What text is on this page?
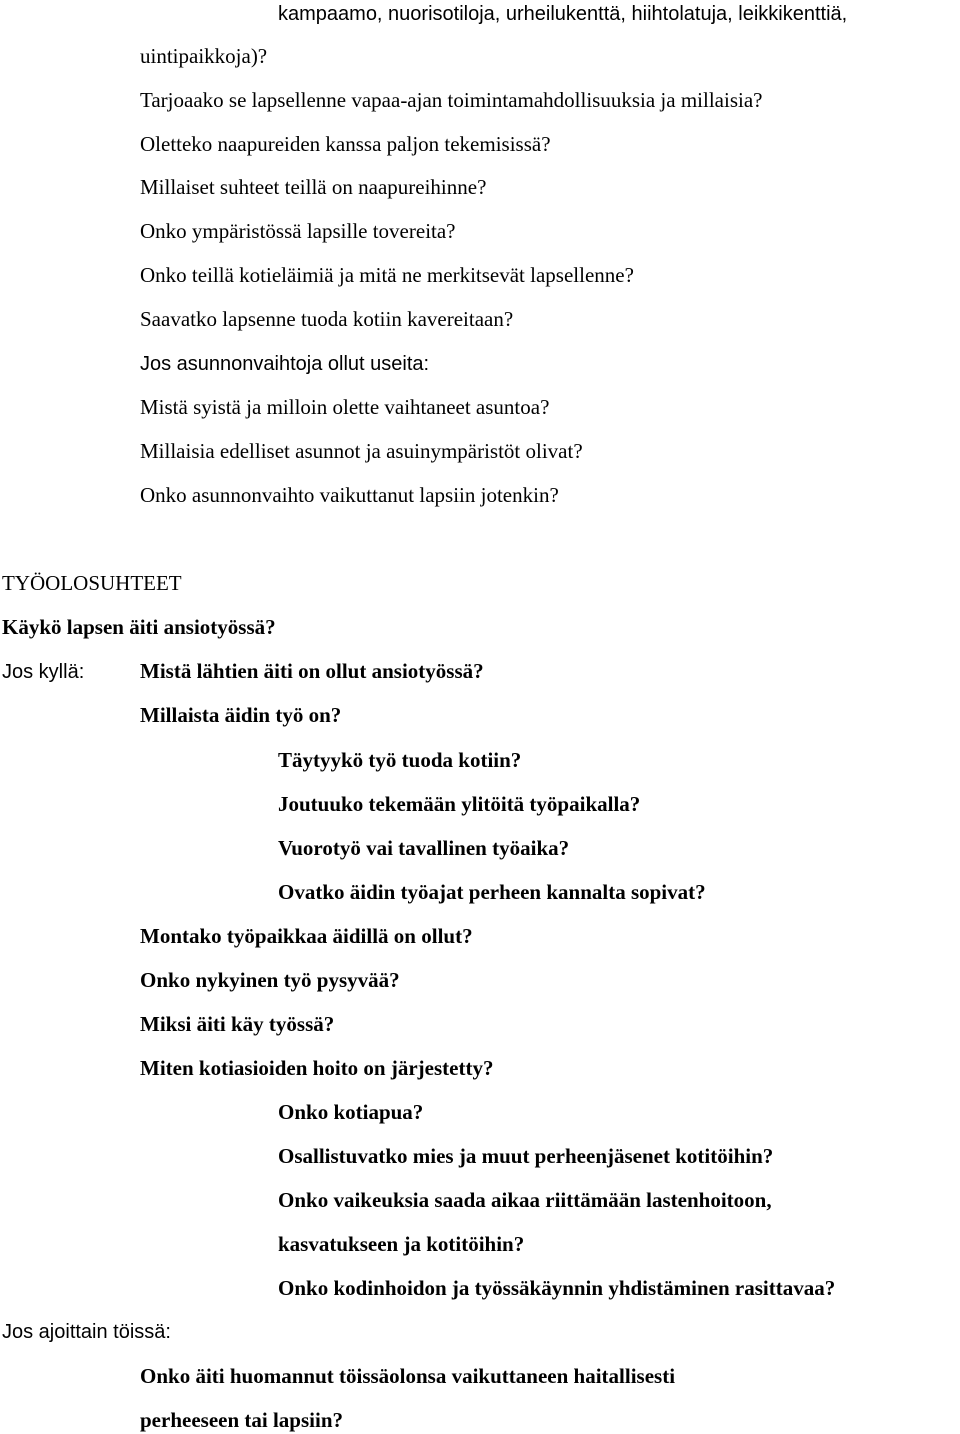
kampaamo, nuorisotiloja, urheilukenttä, hiihtolatuja, leikkikenttiä,
uintipaikkoja)?
Tarjoaako se lapsellenne vapaa-ajan toimintamahdollisuuksia ja millaisia?
Oletteko naapureiden kanssa paljon tekemisissä?
Millaiset suhteet teillä on naapureihinne?
Onko ympäristössä lapsille tovereita?
Onko teillä kotieläimiä ja mitä ne merkitsevät lapsellenne?
Saavatko lapsenne tuoda kotiin kavereitaan?
Jos asunnonvaihtoja ollut useita:
Mistä syistä ja milloin olette vaihtaneet asuntoa?
Millaisia edelliset asunnot ja asuinympäristöt olivat?
Onko asunnonvaihto vaikuttanut lapsiin jotenkin?
TYÖOLOSUHTEET
Käykö lapsen äiti ansiotyössä?
Jos kyllä:	Mistä lähtien äiti on ollut ansiotyössä?
Millaista äidin työ on?
Täytyykö työ tuoda kotiin?
Joutuuko tekemään ylitöitä työpaikalla?
Vuorotyö vai tavallinen työaika?
Ovatko äidin työajat perheen kannalta sopivat?
Montako työpaikkaa äidillä on ollut?
Onko nykyinen työ pysyvää?
Miksi äiti käy työssä?
Miten kotiasioiden hoito on järjestetty?
Onko kotiapua?
Osallistuvatko mies ja muut perheenjäsenet kotitöihin?
Onko vaikeuksia saada aikaa riittämään lastenhoitoon,
kasvatukseen ja kotitöihin?
Onko kodinhoidon ja työssäkäynnin yhdistäminen rasittavaa?
Jos ajoittain töissä:
Onko äiti huomannut töissäolonsa vaikuttaneen haitallisesti
perheeseen tai lapsiin?
